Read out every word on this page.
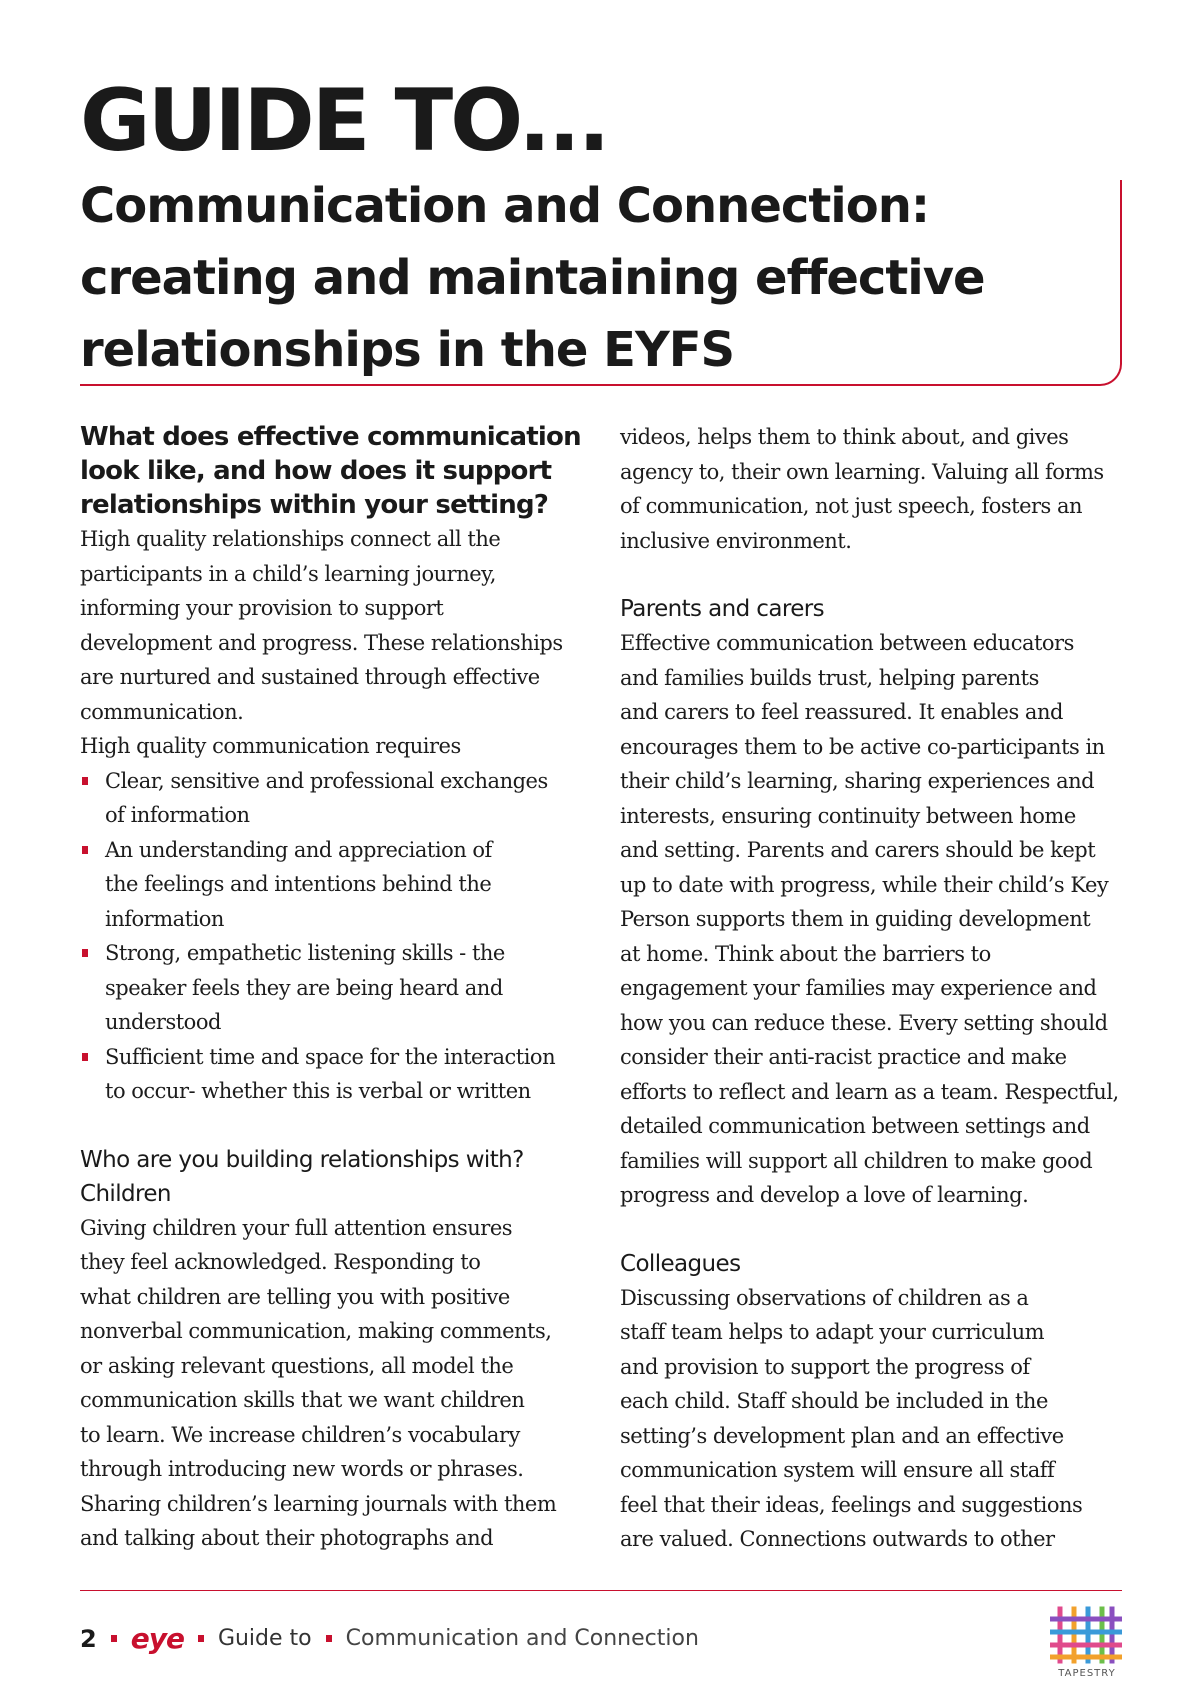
GUIDE TO...
Communication and Connection:
creating and maintaining effective
relationships in the EYFS
What does effective communication
look like, and how does it support
relationships within your setting?
High quality relationships connect all the
participants in a child’s learning journey,
informing your provision to support
development and progress. These relationships
are nurtured and sustained through effective
communication.
High quality communication requires
Clear, sensitive and professional exchanges
of information
An understanding and appreciation of
the feelings and intentions behind the
information
Strong, empathetic listening skills - the
speaker feels they are being heard and
understood
Sufficient time and space for the interaction
to occur- whether this is verbal or written
Who are you building relationships with?
Children
Giving children your full attention ensures
they feel acknowledged. Responding to
what children are telling you with positive
nonverbal communication, making comments,
or asking relevant questions, all model the
communication skills that we want children
to learn. We increase children’s vocabulary
through introducing new words or phrases.
Sharing children’s learning journals with them
and talking about their photographs and
videos, helps them to think about, and gives
agency to, their own learning. Valuing all forms
of communication, not just speech, fosters an
inclusive environment.
Parents and carers
Effective communication between educators
and families builds trust, helping parents
and carers to feel reassured. It enables and
encourages them to be active co-participants in
their child’s learning, sharing experiences and
interests, ensuring continuity between home
and setting. Parents and carers should be kept
up to date with progress, while their child’s Key
Person supports them in guiding development
at home. Think about the barriers to
engagement your families may experience and
how you can reduce these. Every setting should
consider their anti-racist practice and make
efforts to reflect and learn as a team. Respectful,
detailed communication between settings and
families will support all children to make good
progress and develop a love of learning.
Colleagues
Discussing observations of children as a
staff team helps to adapt your curriculum
and provision to support the progress of
each child. Staff should be included in the
setting’s development plan and an effective
communication system will ensure all staff
feel that their ideas, feelings and suggestions
are valued. Connections outwards to other
2 eye Guide to Communication and Connection
TAPESTRY
